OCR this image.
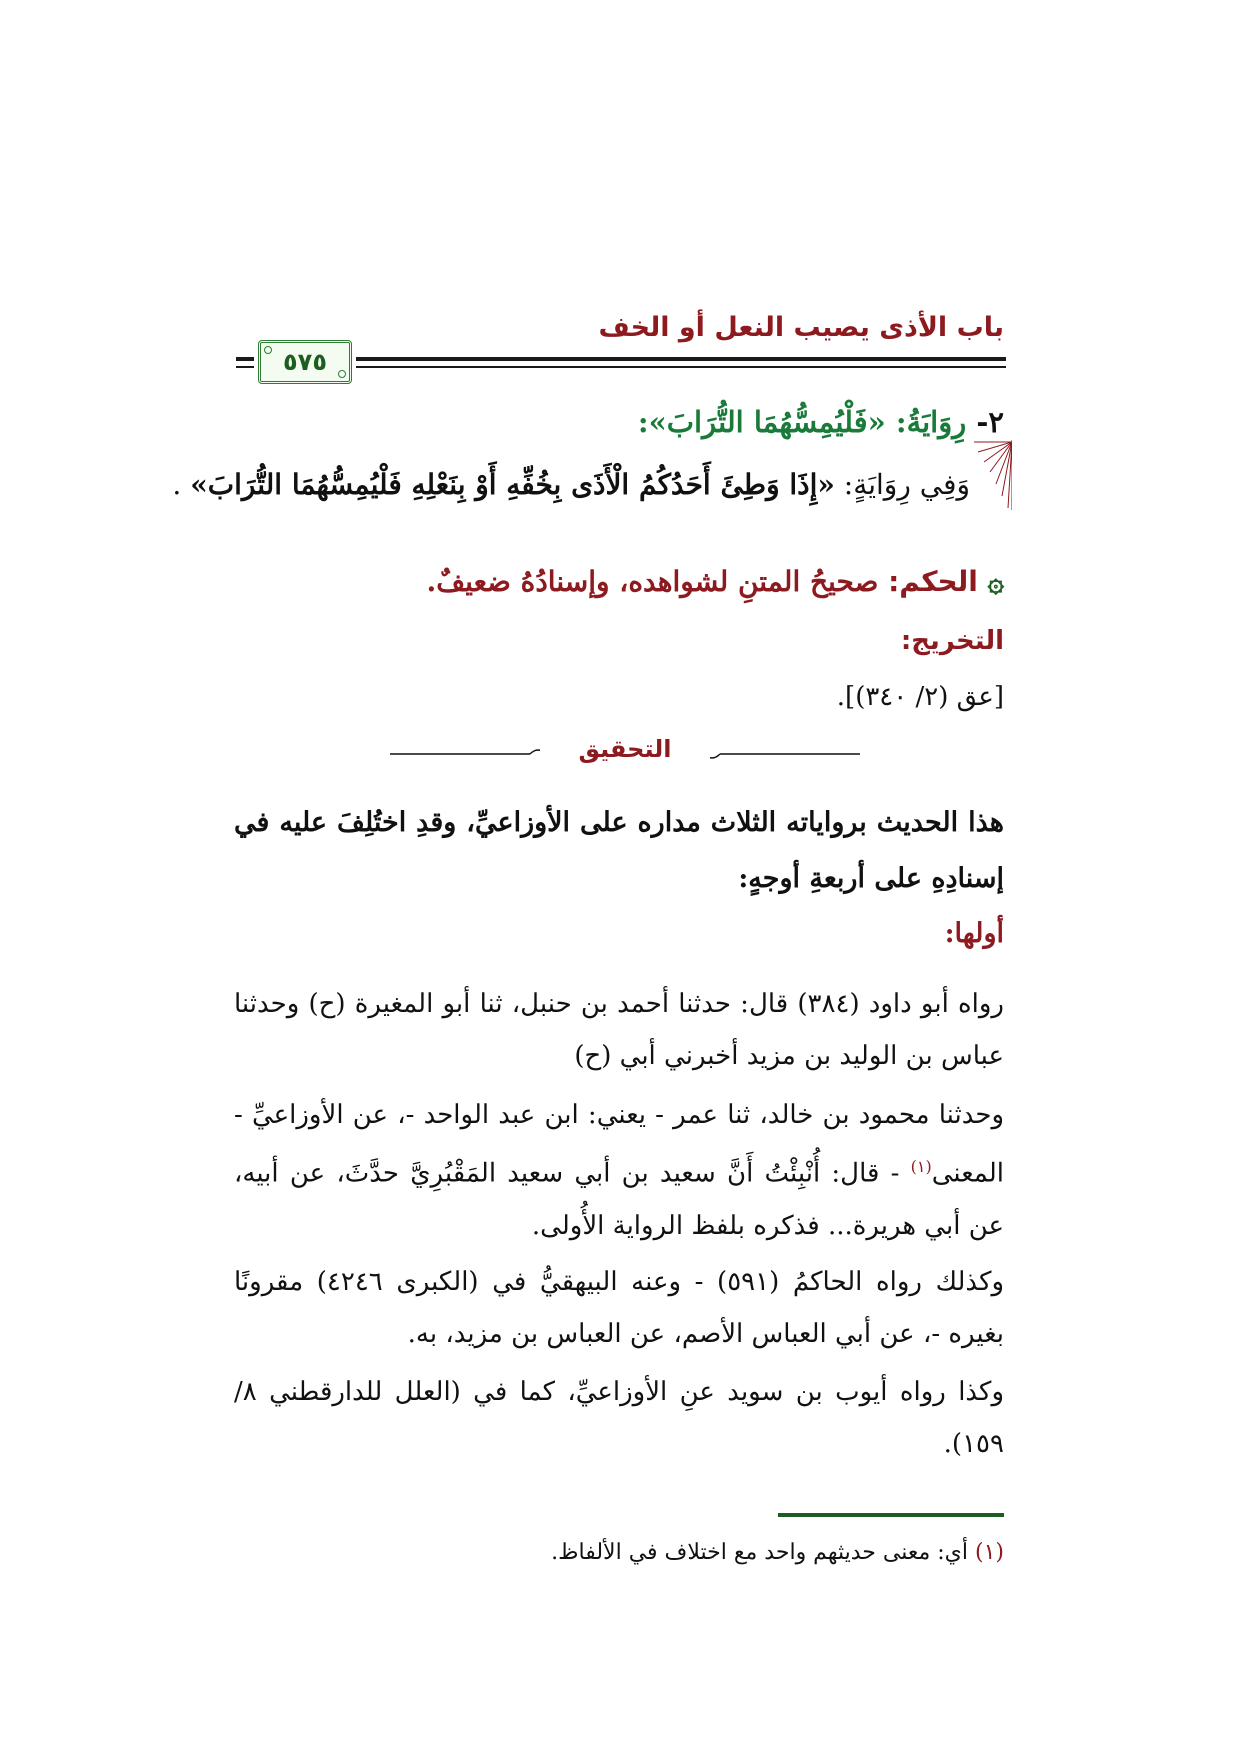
باب الأذى يصيب النعل أو الخف
٥٧٥
٢- رِوَايَةُ: «فَلْيُمِسُّهُمَا التُّرَابَ»:
وَفِي رِوَايَةٍ: «إِذَا وَطِئَ أَحَدُكُمُ الْأَذَى بِخُفِّهِ أَوْ بِنَعْلِهِ فَلْيُمِسُّهُمَا التُّرَابَ» .
۞ الحكم: صحيحُ المتنِ لشواهده، وإسنادُهُ ضعيفٌ.
التخريج:
[عق (٢/ ٣٤٠)].
التحقيق
هذا الحديث برواياته الثلاث مداره على الأوزاعيِّ، وقدِ اختُلِفَ عليه في إسنادِهِ على أربعةِ أوجهٍ:
أولها:
رواه أبو داود (٣٨٤) قال: حدثنا أحمد بن حنبل، ثنا أبو المغيرة (ح) وحدثنا عباس بن الوليد بن مزيد أخبرني أبي (ح)
وحدثنا محمود بن خالد، ثنا عمر - يعني: ابن عبد الواحد -، عن الأوزاعيِّ - المعنى$^{(١)}$ - قال: أُنْبِئْتُ أَنَّ سعيد بن أبي سعيد المَقْبُرِيَّ حدَّثَ، عن أبيه، عن أبي هريرة... فذكره بلفظ الرواية الأُولى.
وكذلك رواه الحاكمُ (٥٩١) - وعنه البيهقيُّ في (الكبرى ٤٢٤٦) مقرونًا بغيره -، عن أبي العباس الأصم، عن العباس بن مزيد، به.
وكذا رواه أيوب بن سويد عنِ الأوزاعيِّ، كما في (العلل للدارقطني ٨/ ١٥٩).
(١) أي: معنى حديثهم واحد مع اختلاف في الألفاظ.
